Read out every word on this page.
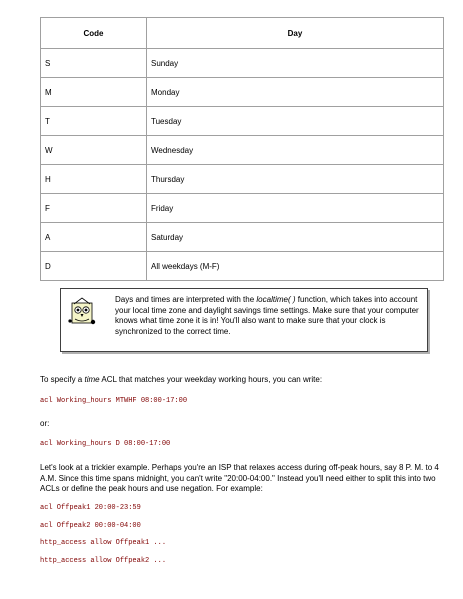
Code	Day
S	Sunday
M	Monday
T	Tuesday
W	Wednesday
H	Thursday
F	Friday
A	Saturday
D	All weekdays (M-F)
Days and times are interpreted with the localtime( ) function, which takes into account your local time zone and daylight savings time settings. Make sure that your computer knows what time zone it is in! You'll also want to make sure that your clock is synchronized to the correct time.
To specify a time ACL that matches your weekday working hours, you can write:
acl Working_hours MTWHF 08:00-17:00
or:
acl Working_hours D 08:00-17:00
Let's look at a trickier example. Perhaps you're an ISP that relaxes access during off-peak hours, say 8 P. M. to 4 A.M. Since this time spans midnight, you can't write "20:00-04:00." Instead you'll need either to split this into two ACLs or define the peak hours and use negation. For example:
acl Offpeak1 20:00-23:59
acl Offpeak2 00:00-04:00
http_access allow Offpeak1 ...
http_access allow Offpeak2 ...
